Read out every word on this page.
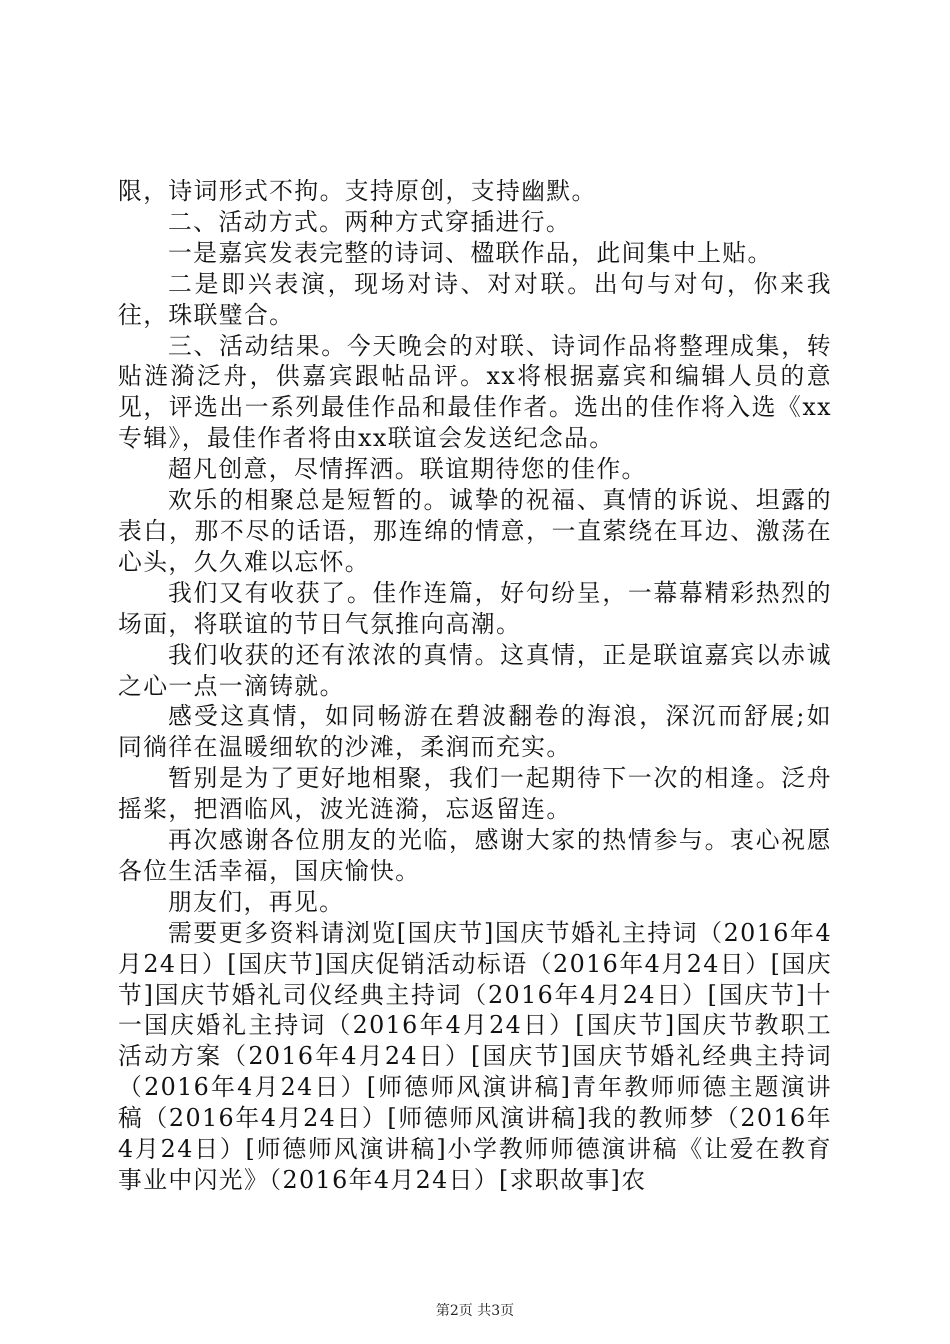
限，诗词形式不拘。支持原创，支持幽默。

二、活动方式。两种方式穿插进行。

一是嘉宾发表完整的诗词、楹联作品，此间集中上贴。

二是即兴表演，现场对诗、对对联。出句与对句，你来我往，珠联璧合。

三、活动结果。今天晚会的对联、诗词作品将整理成集，转贴涟漪泛舟，供嘉宾跟帖品评。xx将根据嘉宾和编辑人员的意见，评选出一系列最佳作品和最佳作者。选出的佳作将入选《xx专辑》，最佳作者将由xx联谊会发送纪念品。

超凡创意，尽情挥洒。联谊期待您的佳作。

欢乐的相聚总是短暂的。诚挚的祝福、真情的诉说、坦露的表白，那不尽的话语，那连绵的情意，一直萦绕在耳边、激荡在心头，久久难以忘怀。

我们又有收获了。佳作连篇，好句纷呈，一幕幕精彩热烈的场面，将联谊的节日气氛推向高潮。

我们收获的还有浓浓的真情。这真情，正是联谊嘉宾以赤诚之心一点一滴铸就。

感受这真情，如同畅游在碧波翻卷的海浪，深沉而舒展;如同徜徉在温暖细软的沙滩，柔润而充实。

暂别是为了更好地相聚，我们一起期待下一次的相逢。泛舟摇桨，把酒临风，波光涟漪，忘返留连。

再次感谢各位朋友的光临，感谢大家的热情参与。衷心祝愿各位生活幸福，国庆愉快。

朋友们，再见。

需要更多资料请浏览[国庆节]国庆节婚礼主持词（2016年4月24日）[国庆节]国庆促销活动标语（2016年4月24日）[国庆节]国庆节婚礼司仪经典主持词（2016年4月24日）[国庆节]十一国庆婚礼主持词（2016年4月24日）[国庆节]国庆节教职工活动方案（2016年4月24日）[国庆节]国庆节婚礼经典主持词（2016年4月24日）[师德师风演讲稿]青年教师师德主题演讲稿（2016年4月24日）[师德师风演讲稿]我的教师梦（2016年4月24日）[师德师风演讲稿]小学教师师德演讲稿《让爱在教育事业中闪光》（2016年4月24日）[求职故事]农

第2页 共3页
